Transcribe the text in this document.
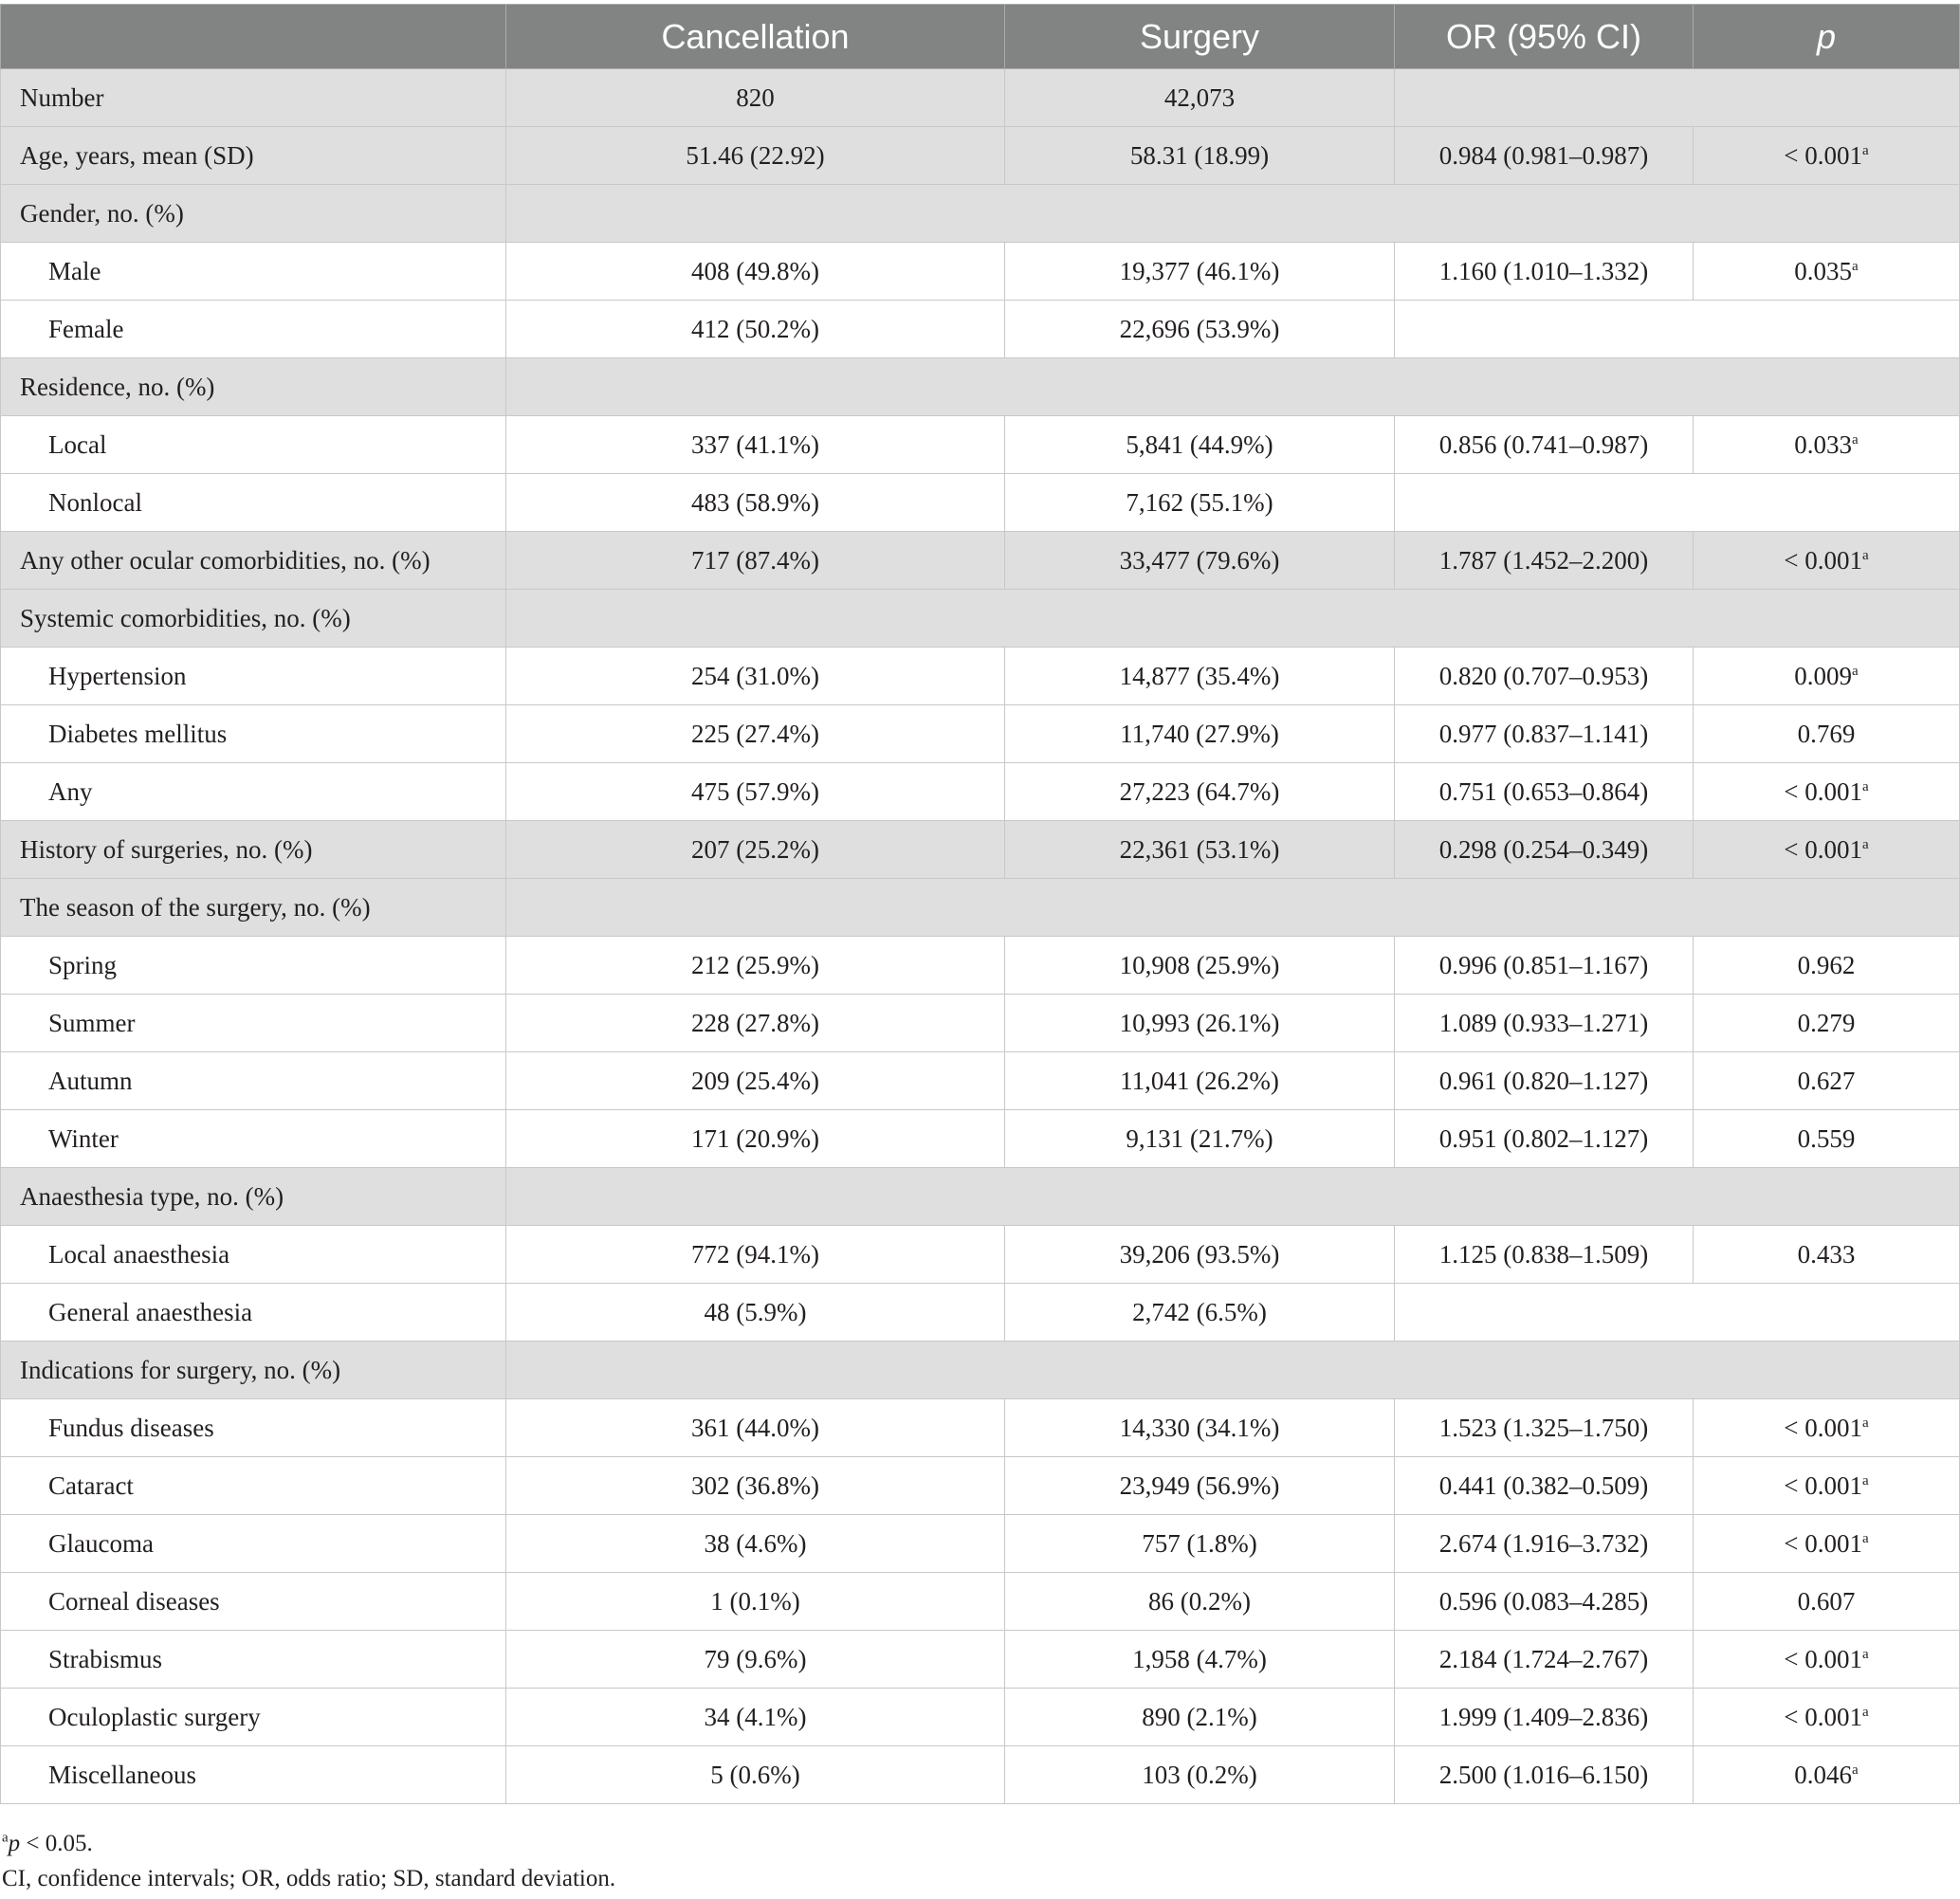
	Cancellation	Surgery	OR (95% CI)	p
Number	820	42,073		
Age, years, mean (SD)	51.46 (22.92)	58.31 (18.99)	0.984 (0.981–0.987)	< 0.001$^a$
Gender, no. (%)				
Male	408 (49.8%)	19,377 (46.1%)	1.160 (1.010–1.332)	0.035$^a$
Female	412 (50.2%)	22,696 (53.9%)		
Residence, no. (%)				
Local	337 (41.1%)	5,841 (44.9%)	0.856 (0.741–0.987)	0.033$^a$
Nonlocal	483 (58.9%)	7,162 (55.1%)		
Any other ocular comorbidities, no. (%)	717 (87.4%)	33,477 (79.6%)	1.787 (1.452–2.200)	< 0.001$^a$
Systemic comorbidities, no. (%)				
Hypertension	254 (31.0%)	14,877 (35.4%)	0.820 (0.707–0.953)	0.009$^a$
Diabetes mellitus	225 (27.4%)	11,740 (27.9%)	0.977 (0.837–1.141)	0.769
Any	475 (57.9%)	27,223 (64.7%)	0.751 (0.653–0.864)	< 0.001$^a$
History of surgeries, no. (%)	207 (25.2%)	22,361 (53.1%)	0.298 (0.254–0.349)	< 0.001$^a$
The season of the surgery, no. (%)				
Spring	212 (25.9%)	10,908 (25.9%)	0.996 (0.851–1.167)	0.962
Summer	228 (27.8%)	10,993 (26.1%)	1.089 (0.933–1.271)	0.279
Autumn	209 (25.4%)	11,041 (26.2%)	0.961 (0.820–1.127)	0.627
Winter	171 (20.9%)	9,131 (21.7%)	0.951 (0.802–1.127)	0.559
Anaesthesia type, no. (%)				
Local anaesthesia	772 (94.1%)	39,206 (93.5%)	1.125 (0.838–1.509)	0.433
General anaesthesia	48 (5.9%)	2,742 (6.5%)		
Indications for surgery, no. (%)				
Fundus diseases	361 (44.0%)	14,330 (34.1%)	1.523 (1.325–1.750)	< 0.001$^a$
Cataract	302 (36.8%)	23,949 (56.9%)	0.441 (0.382–0.509)	< 0.001$^a$
Glaucoma	38 (4.6%)	757 (1.8%)	2.674 (1.916–3.732)	< 0.001$^a$
Corneal diseases	1 (0.1%)	86 (0.2%)	0.596 (0.083–4.285)	0.607
Strabismus	79 (9.6%)	1,958 (4.7%)	2.184 (1.724–2.767)	< 0.001$^a$
Oculoplastic surgery	34 (4.1%)	890 (2.1%)	1.999 (1.409–2.836)	< 0.001$^a$
Miscellaneous	5 (0.6%)	103 (0.2%)	2.500 (1.016–6.150)	0.046$^a$
$^a$p < 0.05.
CI, confidence intervals; OR, odds ratio; SD, standard deviation.
